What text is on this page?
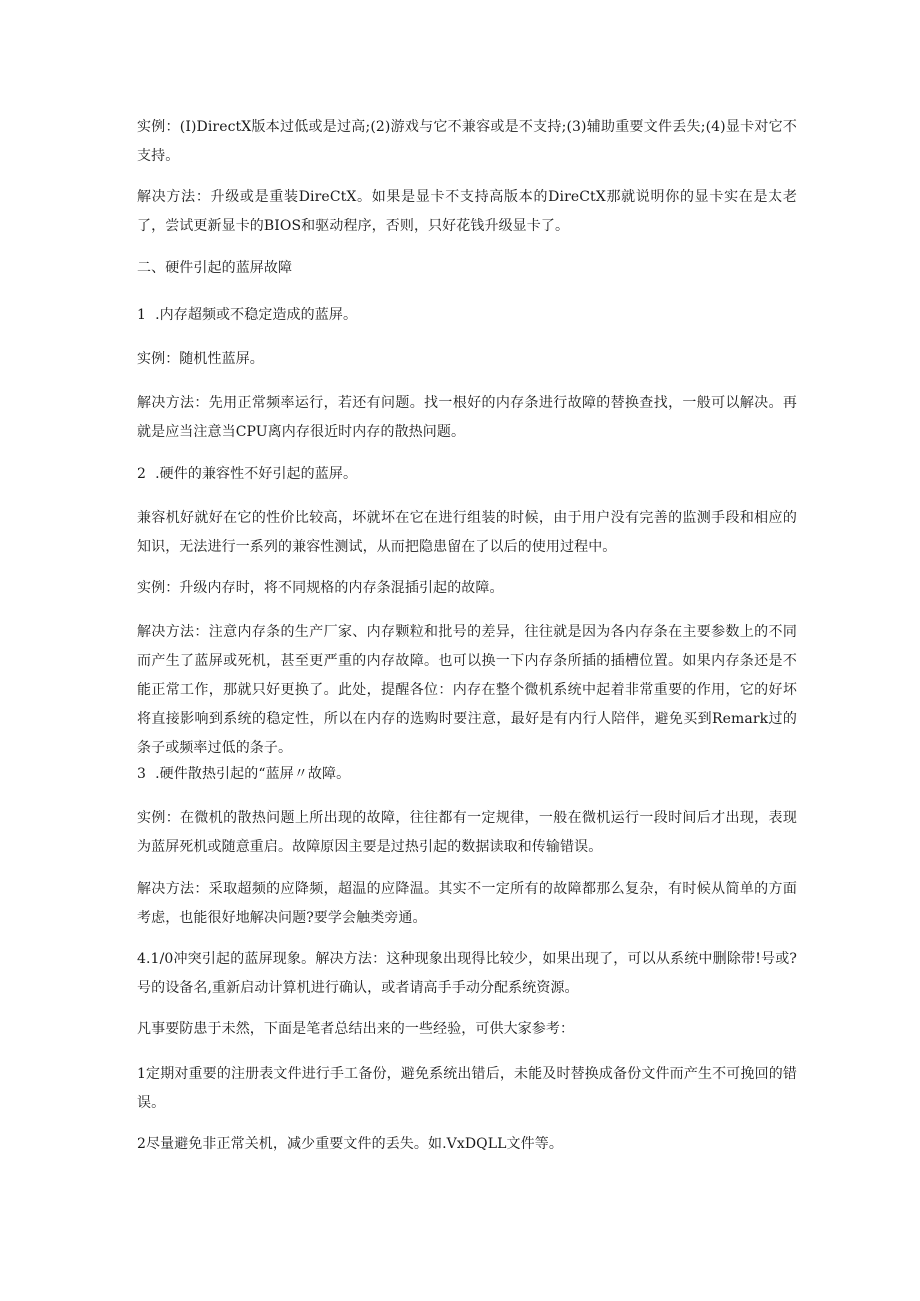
实例：(I)DirectX版本过低或是过高;(2)游戏与它不兼容或是不支持;(3)辅助重要文件丢失;(4)显卡对它不支持。

解决方法：升级或是重装DireCtX。如果是显卡不支持高版本的DireCtX那就说明你的显卡实在是太老了，尝试更新显卡的BIOS和驱动程序，否则，只好花钱升级显卡了。

二、硬件引起的蓝屏故障

1  .内存超频或不稳定造成的蓝屏。

实例：随机性蓝屏。

解决方法：先用正常频率运行，若还有问题。找一根好的内存条进行故障的替换查找，一般可以解决。再就是应当注意当CPU离内存很近时内存的散热问题。

2  .硬件的兼容性不好引起的蓝屏。

兼容机好就好在它的性价比较高，坏就坏在它在进行组装的时候，由于用户没有完善的监测手段和相应的知识，无法进行一系列的兼容性测试，从而把隐患留在了以后的使用过程中。

实例：升级内存时，将不同规格的内存条混插引起的故障。

解决方法：注意内存条的生产厂家、内存颗粒和批号的差异，往往就是因为各内存条在主要参数上的不同而产生了蓝屏或死机，甚至更严重的内存故障。也可以换一下内存条所插的插槽位置。如果内存条还是不能正常工作，那就只好更换了。此处，提醒各位：内存在整个微机系统中起着非常重要的作用，它的好坏将直接影响到系统的稳定性，所以在内存的选购时要注意，最好是有内行人陪伴，避免买到Remark过的条子或频率过低的条子。

3  .硬件散热引起的“蓝屏〃故障。

实例：在微机的散热问题上所出现的故障，往往都有一定规律，一般在微机运行一段时间后才出现，表现为蓝屏死机或随意重启。故障原因主要是过热引起的数据读取和传输错误。

解决方法：采取超频的应降频，超温的应降温。其实不一定所有的故障都那么复杂，有时候从简单的方面考虑，也能很好地解决问题?要学会触类旁通。

4.1/0冲突引起的蓝屏现象。解决方法：这种现象出现得比较少，如果出现了，可以从系统中删除带!号或?号的设备名,重新启动计算机进行确认，或者请高手手动分配系统资源。

凡事要防患于未然，下面是笔者总结出来的一些经验，可供大家参考：

1定期对重要的注册表文件进行手工备份，避免系统出错后，未能及时替换成备份文件而产生不可挽回的错误。

2尽量避免非正常关机，减少重要文件的丢失。如.VxDQLL文件等。
